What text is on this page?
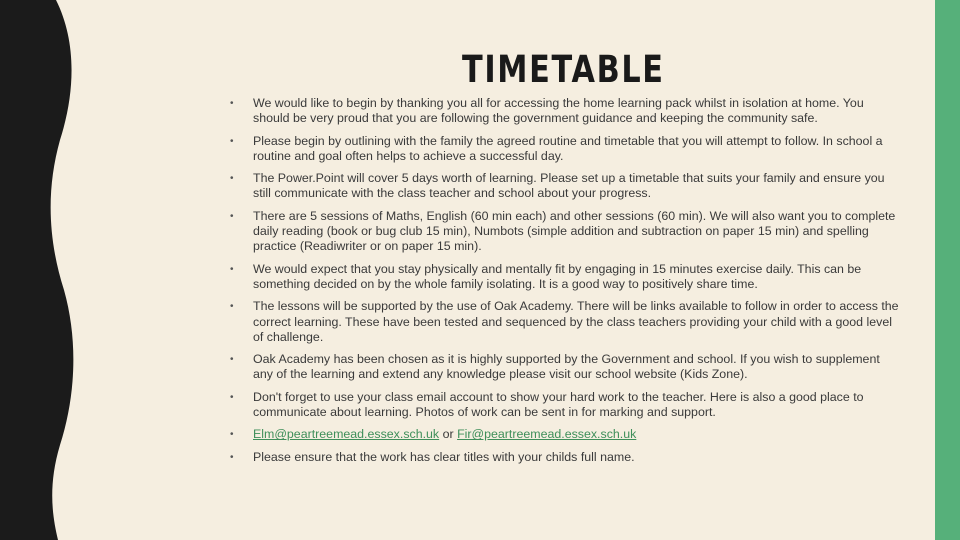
TIMETABLE
• We would like to begin by thanking you all for accessing the home learning pack whilst in isolation at home. You should be very proud that you are following the government guidance and keeping the community safe.
• Please begin by outlining with the family the agreed routine and timetable that you will attempt to follow. In school a routine and goal often helps to achieve a successful day.
• The Power.Point will cover 5 days worth of learning. Please set up a timetable that suits your family and ensure you still communicate with the class teacher and school about your progress.
• There are 5 sessions of Maths, English (60 min each) and other sessions (60 min). We will also want you to complete daily reading (book or bug club 15 min), Numbots (simple addition and subtraction on paper 15 min) and spelling practice (Readiwriter or on paper 15 min).
• We would expect that you stay physically and mentally fit by engaging in 15 minutes exercise daily. This can be something decided on by the whole family isolating. It is a good way to positively share time.
• The lessons will be supported by the use of Oak Academy. There will be links available to follow in order to access the correct learning. These have been tested and sequenced by the class teachers providing your child with a good level of challenge.
• Oak Academy has been chosen as it is highly supported by the Government and school. If you wish to supplement any of the learning and extend any knowledge please visit our school website (Kids Zone).
• Don't forget to use your class email account to show your hard work to the teacher. Here is also a good place to communicate about learning. Photos of work can be sent in for marking and support.
• Elm@peartreemead.essex.sch.uk or Fir@peartreemead.essex.sch.uk
• Please ensure that the work has clear titles with your childs full name.
